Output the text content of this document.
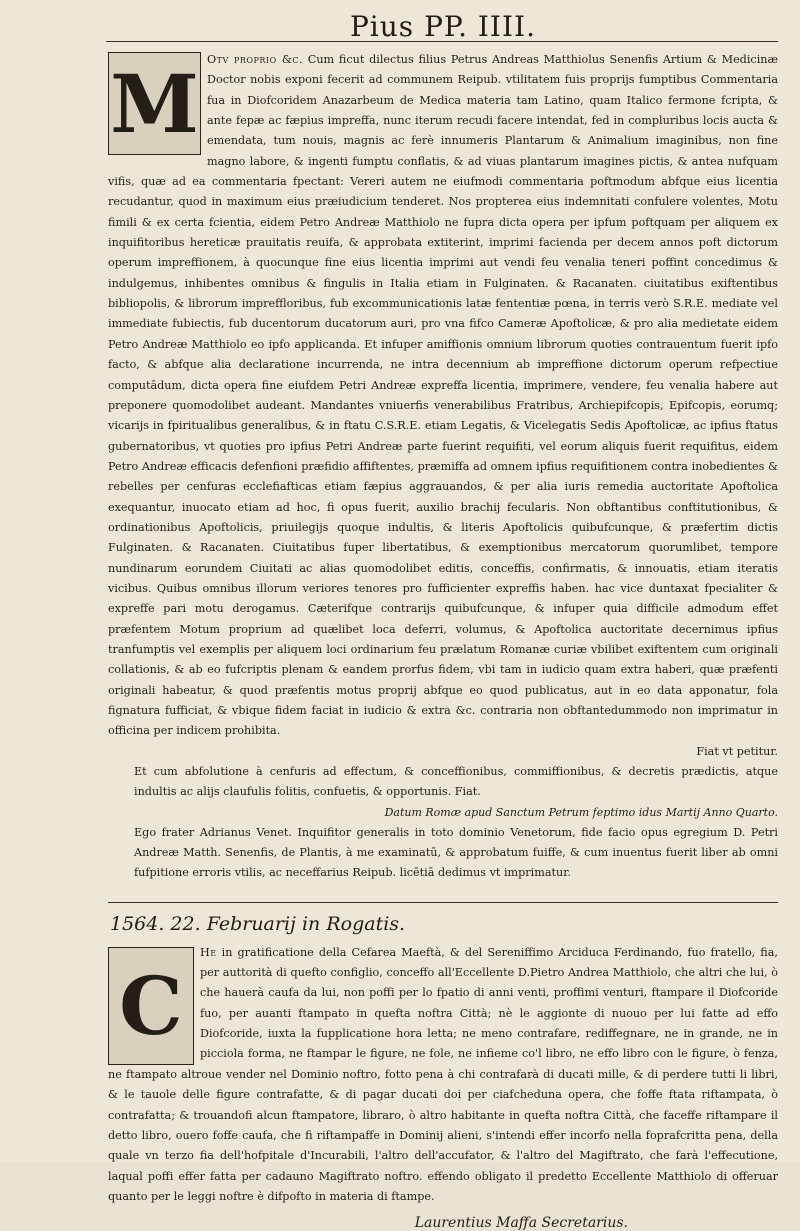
Pius PP. IIII.
M Otv proprio &c. Cum ficut dilectus filius Petrus Andreas Matthiolus Senenfis Artium & Medicinæ Doctor nobis exponi fecerit ad communem Reipub. vtilitatem fuis proprijs fumptibus Commentaria fua in Diofcoridem Anazarbeum de Medica materia tam Latino, quam Italico fermone fcripta, & ante fepæ ac fæpius impreffa, nunc iterum recudi facere intendat, fed in compluribus locis aucta & emendata, tum nouis, magnis ac ferè innumeris Plantarum & Animalium imaginibus, non fine magno labore, & ingenti fumptu conflatis, & ad viuas plantarum imagines pictis, & antea nufquam vifis, quæ ad ea commentaria fpectant: Vereri autem ne eiufmodi commentaria poftmodum abfque eius licentia recudantur, quod in maximum eius præiudicium tenderet. Nos propterea eius indemnitati confulere volentes, Motu fimili & ex certa fcientia, eidem Petro Andreæ Matthiolo ne fupra dicta opera per ipfum poftquam per aliquem ex inquifitoribus hereticæ prauitatis reuifa, & approbata extiterint, imprimi facienda per decem annos poft dictorum operum impreffionem, à quocunque fine eius licentia imprimi aut vendi feu venalia teneri poffint concedimus & indulgemus, inhibentes omnibus & fingulis in Italia etiam in Fulginaten. & Racanaten. ciuitatibus exiftentibus bibliopolis, & librorum impreffloribus, fub excommunicationis latæ fententiæ pœna, in terris verò S.R.E. mediate vel immediate fubiectis, fub ducentorum ducatorum auri, pro vna fifco Cameræ Apoftolicæ, & pro alia medietate eidem Petro Andreæ Matthiolo eo ipfo applicanda. Et infuper amiffionis omnium librorum quoties contrauentum fuerit ipfo facto, & abfque alia declaratione incurrenda, ne intra decennium ab impreffione dictorum operum refpectiue computādum, dicta opera fine eiufdem Petri Andreæ expreffa licentia, imprimere, vendere, feu venalia habere aut preponere quomodolibet audeant. Mandantes vniuerfis venerabilibus Fratribus, Archiepifcopis, Epifcopis, eorumq; vicarijs in fpiritualibus generalibus, & in ftatu C.S.R.E. etiam Legatis, & Vicelegatis Sedis Apoftolicæ, ac ipfius ftatus gubernatoribus, vt quoties pro ipfius Petri Andreæ parte fuerint requifiti, vel eorum aliquis fuerit requifitus, eidem Petro Andreæ efficacis defenfioni præfidio affiftentes, præmiffa ad omnem ipfius requifitionem contra inobedientes & rebelles per cenfuras ecclefiafticas etiam fæpius aggrauandos, & per alia iuris remedia auctoritate Apoftolica exequantur, inuocato etiam ad hoc, fi opus fuerit, auxilio brachij fecularis. Non obftantibus conftitutionibus, & ordinationibus Apoftolicis, priuilegijs quoque indultis, & literis Apoftolicis quibufcunque, & præfertim dictis Fulginaten. & Racanaten. Ciuitatibus fuper libertatibus, & exemptionibus mercatorum quorumlibet, tempore nundinarum eorundem Ciuitati ac alias quomodolibet editis, conceffis, confirmatis, & innouatis, etiam iteratis vicibus. Quibus omnibus illorum veriores tenores pro fufficienter expreffis haben. hac vice duntaxat fpecialiter & expreffe pari motu derogamus. Cæterifque contrarijs quibufcunque, & infuper quia difficile admodum effet præfentem Motum proprium ad quælibet loca deferri, volumus, & Apoftolica auctoritate decernimus ipfius tranfumptis vel exemplis per aliquem loci ordinarium feu prælatum Romanæ curiæ vbilibet exiftentem cum originali collationis, & ab eo fufcriptis plenam & eandem prorfus fidem, vbi tam in iudicio quam extra haberi, quæ præfenti originali habeatur, & quod præfentis motus proprij abfque eo quod publicatus, aut in eo data apponatur, fola fignatura fufficiat, & vbique fidem faciat in iudicio & extra &c. contraria non obftantedummodo non imprimatur in officina per indicem prohibita.

Fiat vt petitur.

Et cum abfolutione à cenfuris ad effectum, & conceffionibus, commiffionibus, & decretis prædictis, atque indultis ac alijs claufulis folitis, confuetis, & opportunis. Fiat.

Datum Romæ apud Sanctum Petrum feptimo idus Martij Anno Quarto.

Ego frater Adrianus Venet. Inquifitor generalis in toto dominio Venetorum, fide facio opus egregium D. Petri Andreæ Matth. Senenfis, de Plantis, à me examinatū, & approbatum fuiffe, & cum inuentus fuerit liber ab omni fufpitione erroris vtilis, ac neceffarius Reipub. licētiā dedimus vt imprimatur.

1564. 22. Februarij in Rogatis.

C

He in gratificatione della Cefarea Maeftà, & del Sereniffimo Arciduca Ferdinando, fuo fratello, fia, per auttorità di quefto configlio, conceffo all'Eccellente D.Pietro Andrea Matthiolo, che altri che lui, ò che hauerà caufa da lui, non poffi per lo fpatio di anni venti, proffimi venturi, ftampare il Diofcoride fuo, per auanti ftampato in quefta noftra Città; nè le aggionte di nuouo per lui fatte ad effo Diofcoride, iuxta la fupplicatione hora letta; ne meno contrafare, rediffegnare, ne in grande, ne in picciola forma, ne ftampar le figure, ne fole, ne infieme co'l libro, ne effo libro con le figure, ò fenza, ne ftampato altroue vender nel Dominio noftro, fotto pena à chi contrafarà di ducati mille, & di perdere tutti li libri, & le tauole delle figure contrafatte, & di pagar ducati doi per ciafcheduna opera, che foffe ftata riftampata, ò contrafatta; & trouandofi alcun ftampatore, libraro, ò altro habitante in quefta noftra Città, che faceffe riftampare il detto libro, ouero foffe caufa, che fi riftampaffe in Dominij alieni, s'intendi effer incorfo nella foprafcritta pena, della quale vn terzo fia dell'hofpitale d'Incurabili, l'altro dell'accufator, & l'altro del Magiftrato, che farà l'effecutione, laqual poffi effer fatta per cadauno Magiftrato noftro. effendo obligato il predetto Eccellente Matthiolo di offeruar quanto per le leggi noftre è difpofto in materia di ftampe.

Laurentius Maffa Secretarius.
